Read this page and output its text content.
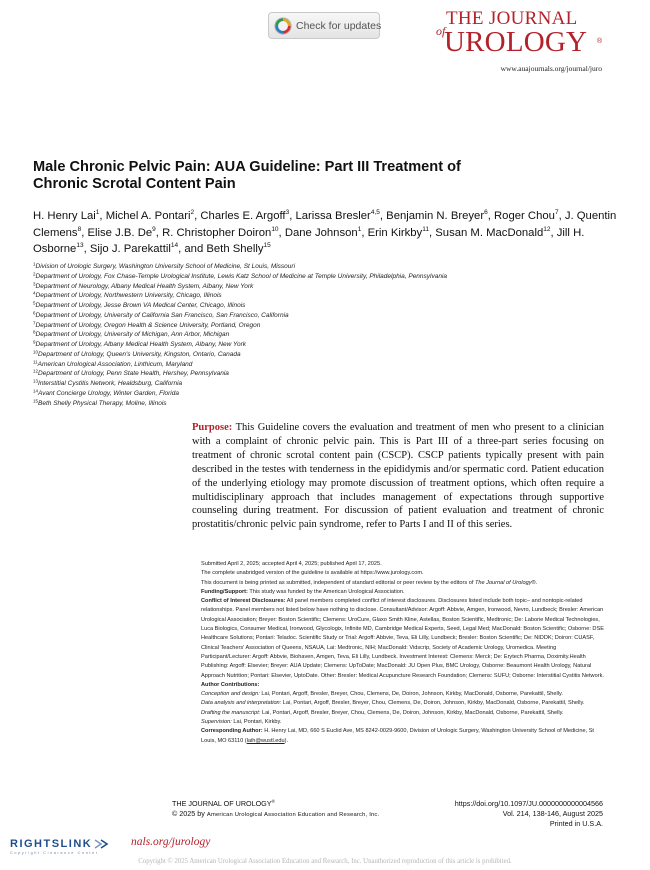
Check for updates	of
THE JOURNAL
UROLOGY ®
www.auajournals.org/journal/juro
Male Chronic Pelvic Pain: AUA Guideline: Part III Treatment of Chronic Scrotal Content Pain

H. Henry Lai$^1$, Michel A. Pontari$^2$, Charles E. Argoff$^3$, Larissa Bresler$^{4,5}$, Benjamin N. Breyer$^6$, Roger Chou$^7$, J. Quentin Clemens$^8$, Elise J.B. De$^9$, R. Christopher Doiron$^{10}$, Dane Johnson$^1$, Erin Kirkby$^{11}$, Susan M. MacDonald$^{12}$, Jill H. Osborne$^{13}$, Sijo J. Parekattil$^{14}$, and Beth Shelly$^{15}$

$^1$Division of Urologic Surgery, Washington University School of Medicine, St Louis, Missouri
$^2$Department of Urology, Fox Chase-Temple Urological Institute, Lewis Katz School of Medicine at Temple University, Philadelphia, Pennsylvania
$^3$Department of Neurology, Albany Medical Health System, Albany, New York
$^4$Department of Urology, Northwestern University, Chicago, Illinois
$^5$Department of Urology, Jesse Brown VA Medical Center, Chicago, Illinois
$^6$Department of Urology, University of California San Francisco, San Francisco, California
$^7$Department of Urology, Oregon Health & Science University, Portland, Oregon
$^8$Department of Urology, University of Michigan, Ann Arbor, Michigan
$^9$Department of Urology, Albany Medical Health System, Albany, New York
$^{10}$Department of Urology, Queen's University, Kingston, Ontario, Canada
$^{11}$American Urological Association, Linthicum, Maryland
$^{12}$Department of Urology, Penn State Health, Hershey, Pennsylvania
$^{13}$Interstitial Cystitis Network, Healdsburg, California
$^{14}$Avant Concierge Urology, Winter Garden, Florida
$^{15}$Beth Shelly Physical Therapy, Moline, Illinois

Purpose: This Guideline covers the evaluation and treatment of men who present to a clinician with a complaint of chronic pelvic pain. This is Part III of a three-part series focusing on treatment of chronic scrotal content pain (CSCP). CSCP patients typically present with pain described in the testes with tenderness in the epididymis and/or spermatic cord. Patient education of the underlying etiology may promote discussion of treatment options, which often require a multidisciplinary approach that includes management of expectations through supportive counseling during treatment. For discussion of patient evaluation and treatment of chronic prostatitis/chronic pelvic pain syndrome, refer to Parts I and II of this series.

Submitted April 2, 2025; accepted April 4, 2025; published April 17, 2025.

The complete unabridged version of the guideline is available at https://www.jurology.com.

This document is being printed as submitted, independent of standard editorial or peer review by the editors of The Journal of Urology®.

Funding/Support: This study was funded by the American Urological Association.

Conflict of Interest Disclosures: All panel members completed conflict of interest disclosures. Disclosures listed include both topic– and nontopic-related relationships. Panel members not listed below have nothing to disclose. Consultant/Advisor: Argoff: Abbvie, Amgen, Ironwood, Nevro, Lundbeck; Bresler: American Urological Association; Breyer: Boston Scientific; Clemens: UroCure, Glaxo Smith Kline, Astellas, Boston Scientific, Medtronic; De: Laborie Medical Technologies, Luca Biologics, Consumer Medical, Ironwood, Glycologix, Infinite MD, Cambridge Medical Experts, Seed, Legal Med; MacDonald: Boston Scientific; Osborne: DSE Healthcare Solutions; Pontari: Teladoc. Scientific Study or Trial: Argoff: Abbvie, Teva, Eli Lilly, Lundbeck; Bresler: Boston Scientific; De: NIDDK; Doiron: CUASF, Clinical Teachers' Association of Queens, NSAUA, Lai: Medtronic, NIH; MacDonald: Vidscrip, Society of Academic Urology, Uromedica. Meeting Participant/Lecturer: Argoff: Abbvie, Biohaven, Amgen, Teva, Eli Lilly, Lundbeck. Investment Interest: Clemens: Merck; De: Erytech Pharma, Doximity.Health Publishing: Argoff: Elsevier; Breyer: AUA Update; Clemens: UpToDate; MacDonald: JU Open Plus, BMC Urology, Osborne: Beaumont Health Urology, Natural Approach Nutrition; Pontari: Elsevier, UptoDate. Other: Bresler: Medical Acupuncture Research Foundation; Clemens: SUFU; Osborne: Interstitial Cystitis Network.

Author Contributions:

Conception and design: Lai, Pontari, Argoff, Bresler, Breyer, Chou, Clemens, De, Doiron, Johnson, Kirkby, MacDonald, Osborne, Parekattil, Shelly.

Data analysis and interpretation: Lai, Pontari, Argoff, Bresler, Breyer, Chou, Clemens, De, Doiron, Johnson, Kirkby, MacDonald, Osborne, Parekattil, Shelly.

Drafting the manuscript: Lai, Pontari, Argoff, Bresler, Breyer, Chou, Clemens, De, Doiron, Johnson, Kirkby, MacDonald, Osborne, Parekattil, Shelly.

Supervision: Lai, Pontari, Kirkby.

Corresponding Author: H. Henry Lai, MD, 660 S Euclid Ave, MS 8242-0029-9600, Division of Urologic Surgery, Washington University School of Medicine, St Louis, MO 63110 (laih@wustl.edu).

THE JOURNAL OF UROLOGY®
© 2025 by American Urological Association Education and Research, Inc.
https://doi.org/10.1097/JU.0000000000004566
Vol. 214, 138-146, August 2025
Printed in U.S.A.
RIGHTSLINK
Copyright Clearance Center
nals.org/jurology
Copyright © 2025 American Urological Association Education and Research, Inc. Unauthorized reproduction of this article is prohibited.
